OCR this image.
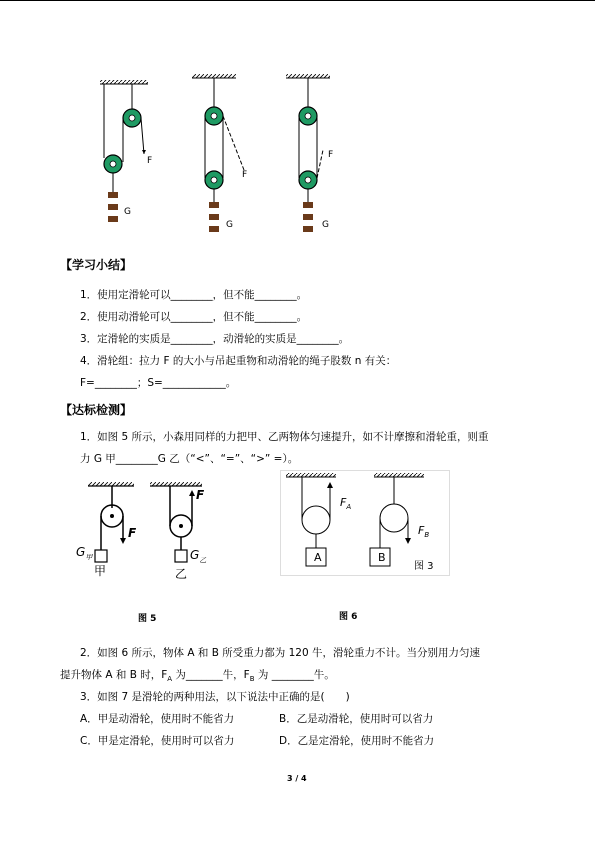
F
G
F
G
F
G
【学习小结】
1．使用定滑轮可以________，但不能________。
2．使用动滑轮可以________，但不能________。
3．定滑轮的实质是________，动滑轮的实质是________。
4．滑轮组：拉力 F 的大小与吊起重物和动滑轮的绳子股数 n 有关：
F=________；S=____________。
【达标检测】
1．如图 5 所示，小森用同样的力把甲、乙两物体匀速提升，如不计摩擦和滑轮重，则重
力 G 甲________G 乙（“<”、“=”、“>” =）。
F
F
$G_甲$
甲
$G_乙$
乙
图 5
$F_A$
$F_B$
A	B
图 3
图 6
2．如图 6 所示，物体 A 和 B 所受重力都为 120 牛，滑轮重力不计。当分别用力匀速
提升物体 A 和 B 时，$F_A$ 为_______牛，$F_B$ 为 ________牛。
3．如图 7 是滑轮的两种用法，以下说法中正确的是(　　)
A．甲是动滑轮，使用时不能省力	B．乙是动滑轮，使用时可以省力
C．甲是定滑轮，使用时可以省力	D．乙是定滑轮，使用时不能省力
3 / 4
